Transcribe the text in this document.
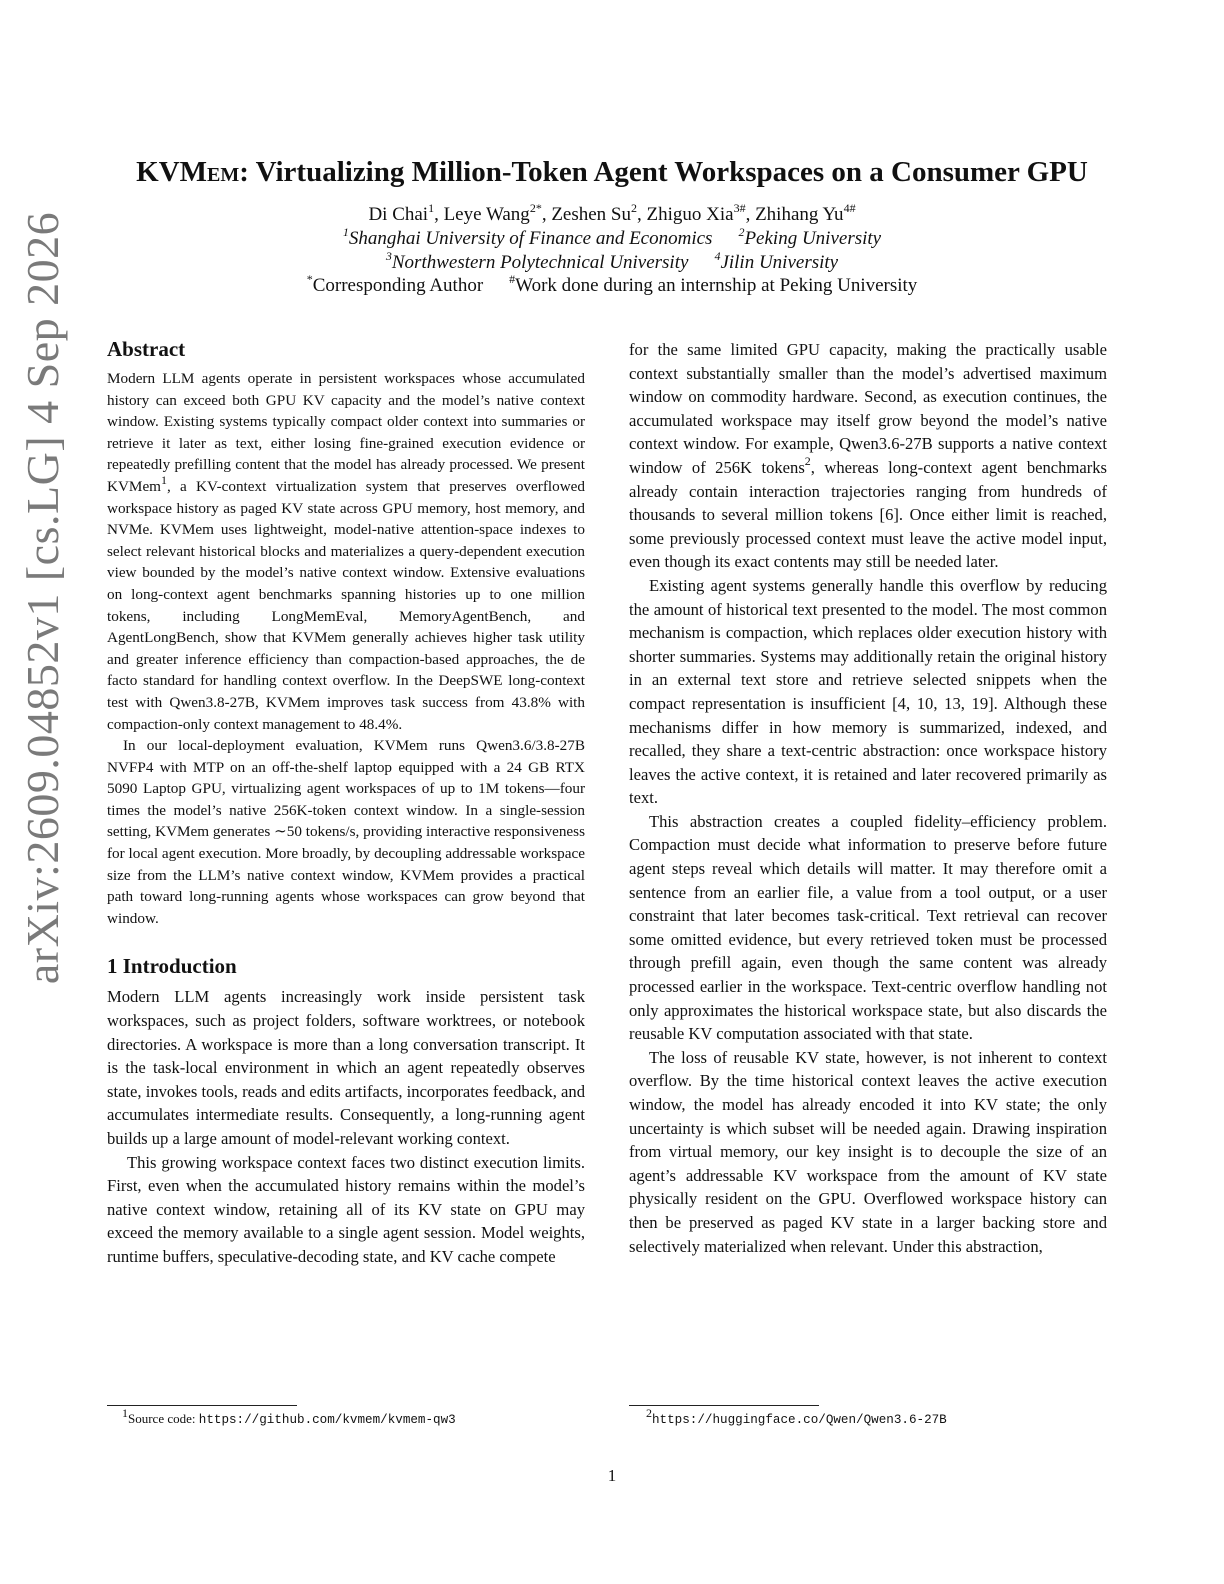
arXiv:2609.04852v1 [cs.LG] 4 Sep 2026
KVMem: Virtualizing Million-Token Agent Workspaces on a Consumer GPU
Di Chai$^1$, Leye Wang$^{2*}$, Zeshen Su$^2$, Zhiguo Xia$^{3\#}$, Zhihang $Yu^{4\#}$
$^1$Shanghai University of Finance and Economics $^2$Peking University
$^3$Northwestern Polytechnical University $^4$Jilin University
*Corresponding Author #Work done during an internship at Peking University
Abstract

Modern LLM agents operate in persistent workspaces whose accumulated history can exceed both GPU KV capacity and the model’s native context window. Existing systems typically compact older context into summaries or retrieve it later as text, either losing fine-grained execution evidence or repeatedly prefilling content that the model has already processed. We present KVMem$^1$, a KV-context virtualization system that preserves overflowed workspace history as paged KV state across GPU memory, host memory, and NVMe. KVMem uses lightweight, model-native attention-space indexes to select relevant historical blocks and materializes a query-dependent execution view bounded by the model’s native context window. Extensive evaluations on long-context agent benchmarks spanning histories up to one million tokens, including LongMemEval, MemoryAgentBench, and AgentLongBench, show that KVMem generally achieves higher task utility and greater inference efficiency than compaction-based approaches, the de facto standard for handling context overflow. In the DeepSWE long-context test with Qwen3.8-27B, KVMem improves task success from 43.8% with compaction-only context management to 48.4%.

In our local-deployment evaluation, KVMem runs Qwen3.6/3.8-27B NVFP4 with MTP on an off-the-shelf laptop equipped with a 24 GB RTX 5090 Laptop GPU, virtualizing agent workspaces of up to 1M tokens—four times the model’s native 256K-token context window. In a single-session setting, KVMem generates ∼50 tokens/s, providing interactive responsiveness for local agent execution. More broadly, by decoupling addressable workspace size from the LLM’s native context window, KVMem provides a practical path toward long-running agents whose workspaces can grow beyond that window.

1 Introduction

Modern LLM agents increasingly work inside persistent task workspaces, such as project folders, software worktrees, or notebook directories. A workspace is more than a long conversation transcript. It is the task-local environment in which an agent repeatedly observes state, invokes tools, reads and edits artifacts, incorporates feedback, and accumulates intermediate results. Consequently, a long-running agent builds up a large amount of model-relevant working context.

This growing workspace context faces two distinct execution limits. First, even when the accumulated history remains within the model’s native context window, retaining all of its KV state on GPU may exceed the memory available to a single agent session. Model weights, runtime buffers, speculative-decoding state, and KV cache compete

for the same limited GPU capacity, making the practically usable context substantially smaller than the model’s advertised maximum window on commodity hardware. Second, as execution continues, the accumulated workspace may itself grow beyond the model’s native context window. For example, Qwen3.6-27B supports a native context window of 256K tokens$^2$, whereas long-context agent benchmarks already contain interaction trajectories ranging from hundreds of thousands to several million tokens [6]. Once either limit is reached, some previously processed context must leave the active model input, even though its exact contents may still be needed later.

Existing agent systems generally handle this overflow by reducing the amount of historical text presented to the model. The most common mechanism is compaction, which replaces older execution history with shorter summaries. Systems may additionally retain the original history in an external text store and retrieve selected snippets when the compact representation is insufficient [4, 10, 13, 19]. Although these mechanisms differ in how memory is summarized, indexed, and recalled, they share a text-centric abstraction: once workspace history leaves the active context, it is retained and later recovered primarily as text.

This abstraction creates a coupled fidelity–efficiency problem. Compaction must decide what information to preserve before future agent steps reveal which details will matter. It may therefore omit a sentence from an earlier file, a value from a tool output, or a user constraint that later becomes task-critical. Text retrieval can recover some omitted evidence, but every retrieved token must be processed through prefill again, even though the same content was already processed earlier in the workspace. Text-centric overflow handling not only approximates the historical workspace state, but also discards the reusable KV computation associated with that state.

The loss of reusable KV state, however, is not inherent to context overflow. By the time historical context leaves the active execution window, the model has already encoded it into KV state; the only uncertainty is which subset will be needed again. Drawing inspiration from virtual memory, our key insight is to decouple the size of an agent’s addressable KV workspace from the amount of KV state physically resident on the GPU. Overflowed workspace history can then be preserved as paged KV state in a larger backing store and selectively materialized when relevant. Under this abstraction,

$^1$Source code: https://github.com/kvmem/kvmem-qw3
$^2$https://huggingface.co/Qwen/Qwen3.6-27B
1
